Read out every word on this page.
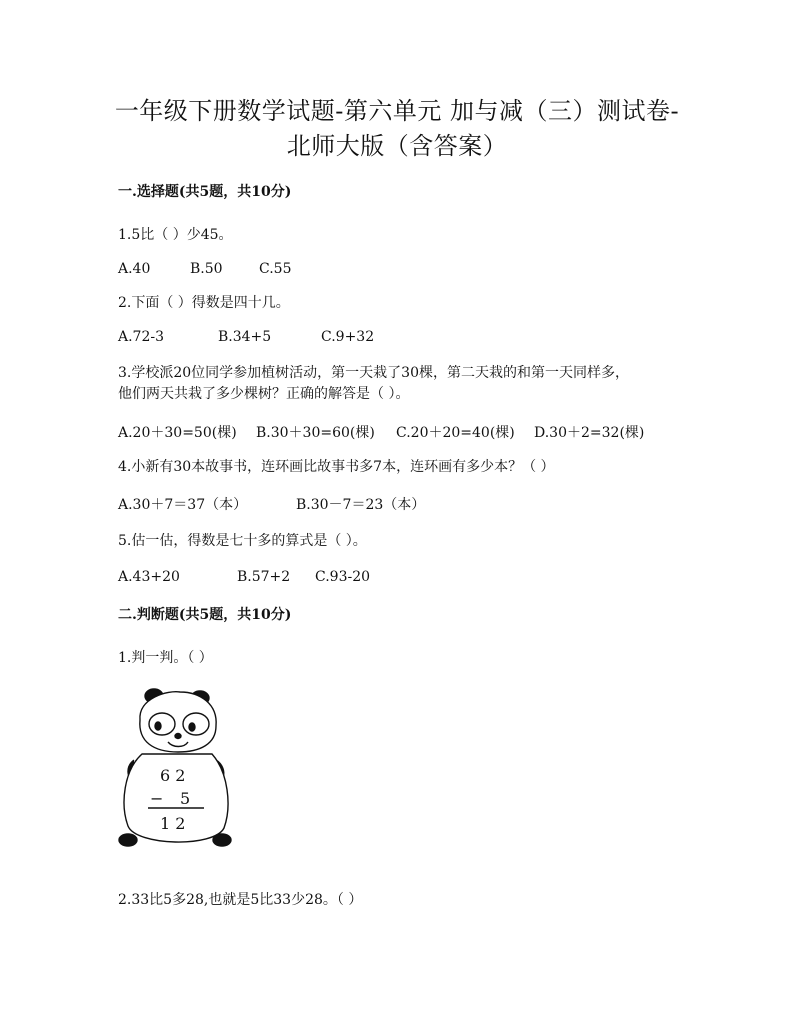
一年级下册数学试题-第六单元 加与减（三）测试卷-
北师大版（含答案）
一.选择题(共5题，共10分)
1.5比（ ）少45。
A.40	B.50	C.55
2.下面（ ）得数是四十几。
A.72-3	B.34+5	C.9+32
3.学校派20位同学参加植树活动，第一天栽了30棵，第二天栽的和第一天同样多，
他们两天共栽了多少棵树？正确的解答是（ ）。
A.20＋30=50(棵) B.30＋30=60(棵) C.20＋20=40(棵) D.30＋2=32(棵)
4.小新有30本故事书，连环画比故事书多7本，连环画有多少本？（ ）
A.30＋7＝37（本）	B.30－7＝23（本）
5.估一估，得数是七十多的算式是（ ）。
A.43+20	B.57+2 C.93-20
二.判断题(共5题，共10分)
1.判一判。（ ）
6 2
− 5
1 2
2.33比5多28,也就是5比33少28。（ ）
